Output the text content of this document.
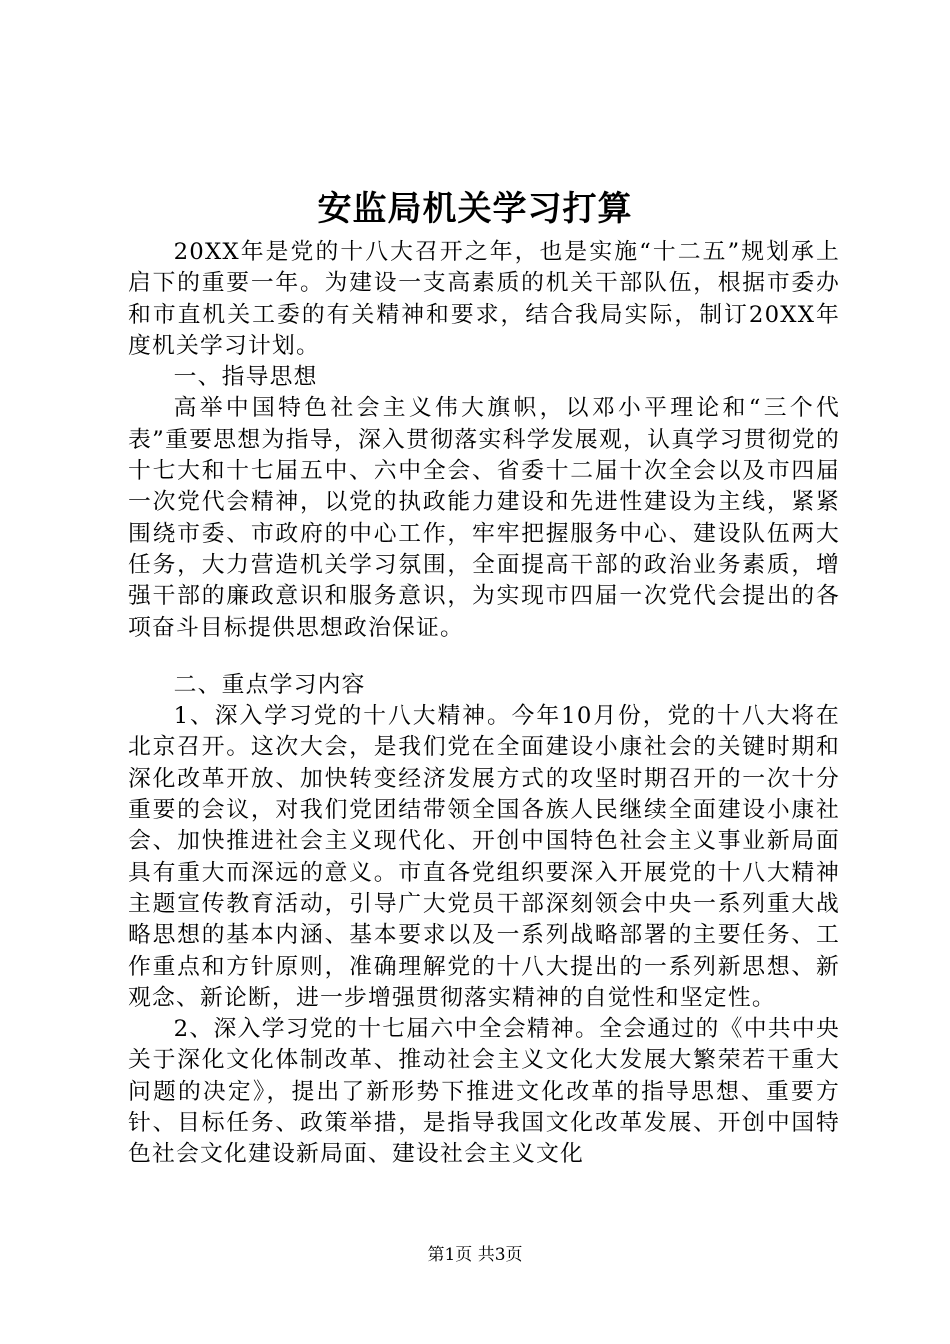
安监局机关学习打算

20XX年是党的十八大召开之年，也是实施“十二五”规划承上启下的重要一年。为建设一支高素质的机关干部队伍，根据市委办和市直机关工委的有关精神和要求，结合我局实际，制订20XX年度机关学习计划。

一、指导思想

高举中国特色社会主义伟大旗帜，以邓小平理论和“三个代表”重要思想为指导，深入贯彻落实科学发展观，认真学习贯彻党的十七大和十七届五中、六中全会、省委十二届十次全会以及市四届一次党代会精神，以党的执政能力建设和先进性建设为主线，紧紧围绕市委、市政府的中心工作，牢牢把握服务中心、建设队伍两大任务，大力营造机关学习氛围，全面提高干部的政治业务素质，增强干部的廉政意识和服务意识，为实现市四届一次党代会提出的各项奋斗目标提供思想政治保证。

二、重点学习内容

1、深入学习党的十八大精神。今年10月份，党的十八大将在北京召开。这次大会，是我们党在全面建设小康社会的关键时期和深化改革开放、加快转变经济发展方式的攻坚时期召开的一次十分重要的会议，对我们党团结带领全国各族人民继续全面建设小康社会、加快推进社会主义现代化、开创中国特色社会主义事业新局面具有重大而深远的意义。市直各党组织要深入开展党的十八大精神主题宣传教育活动，引导广大党员干部深刻领会中央一系列重大战略思想的基本内涵、基本要求以及一系列战略部署的主要任务、工作重点和方针原则，准确理解党的十八大提出的一系列新思想、新观念、新论断，进一步增强贯彻落实精神的自觉性和坚定性。

2、深入学习党的十七届六中全会精神。全会通过的《中共中央关于深化文化体制改革、推动社会主义文化大发展大繁荣若干重大问题的决定》，提出了新形势下推进文化改革的指导思想、重要方针、目标任务、政策举措，是指导我国文化改革发展、开创中国特色社会文化建设新局面、建设社会主义文化

第1页 共3页
